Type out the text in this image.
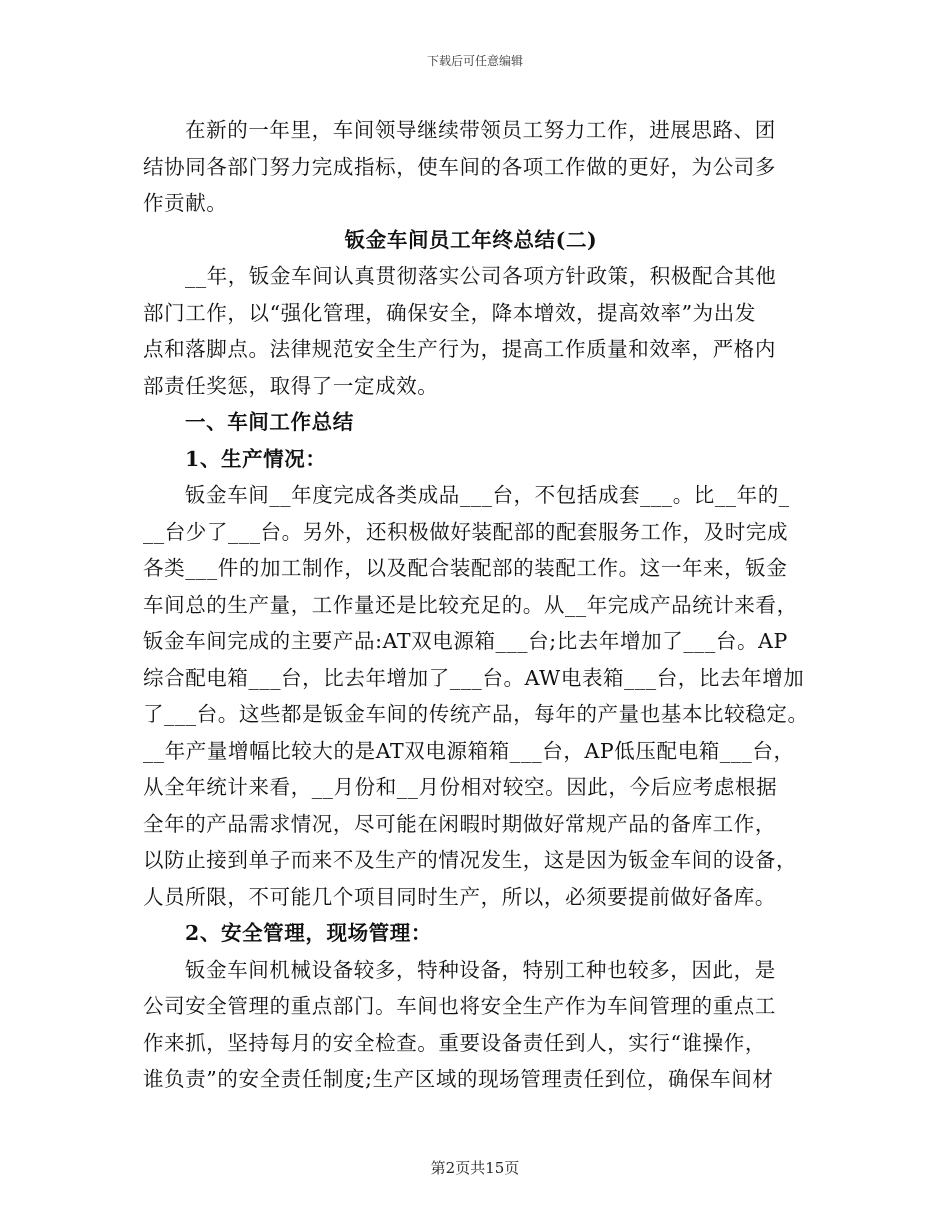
下载后可任意编辑
在新的一年里，车间领导继续带领员工努力工作，进展思路、团
结协同各部门努力完成指标，使车间的各项工作做的更好，为公司多
作贡献。
钣金车间员工年终总结(二)
__年，钣金车间认真贯彻落实公司各项方针政策，积极配合其他
部门工作，以“强化管理，确保安全，降本增效，提高效率”为出发
点和落脚点。法律规范安全生产行为，提高工作质量和效率，严格内
部责任奖惩，取得了一定成效。
一、车间工作总结
1、生产情况：
钣金车间__年度完成各类成品___台，不包括成套___。比__年的_
__台少了___台。另外，还积极做好装配部的配套服务工作，及时完成
各类___件的加工制作，以及配合装配部的装配工作。这一年来，钣金
车间总的生产量，工作量还是比较充足的。从__年完成产品统计来看，
钣金车间完成的主要产品:AT双电源箱___台;比去年增加了___台。AP
综合配电箱___台，比去年增加了___台。AW电表箱___台，比去年增加
了___台。这些都是钣金车间的传统产品，每年的产量也基本比较稳定。
__年产量增幅比较大的是AT双电源箱箱___台，AP低压配电箱___台，
从全年统计来看，__月份和__月份相对较空。因此，今后应考虑根据
全年的产品需求情况，尽可能在闲暇时期做好常规产品的备库工作，
以防止接到单子而来不及生产的情况发生，这是因为钣金车间的设备，
人员所限，不可能几个项目同时生产，所以，必须要提前做好备库。
2、安全管理，现场管理：
钣金车间机械设备较多，特种设备，特别工种也较多，因此，是
公司安全管理的重点部门。车间也将安全生产作为车间管理的重点工
作来抓，坚持每月的安全检查。重要设备责任到人，实行“谁操作，
谁负责”的安全责任制度;生产区域的现场管理责任到位，确保车间材
第2页共15页
